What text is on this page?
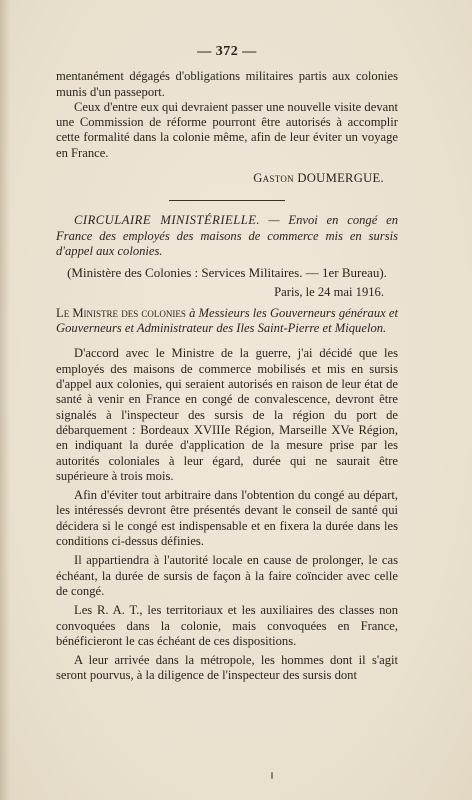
— 372 —

mentanément dégagés d'obligations militaires partis aux colonies munis d'un passeport.

Ceux d'entre eux qui devraient passer une nouvelle visite devant une Commission de réforme pourront être autorisés à accomplir cette formalité dans la colonie même, afin de leur éviter un voyage en France.

Gaston DOUMERGUE.

CIRCULAIRE MINISTÉRIELLE. — Envoi en congé en France des employés des maisons de commerce mis en sursis d'appel aux colonies.

(Ministère des Colonies : Services Militaires. — 1er Bureau).

Paris, le 24 mai 1916.

Le Ministre des colonies à Messieurs les Gouverneurs généraux et Gouverneurs et Administrateur des Iles Saint-Pierre et Miquelon.

D'accord avec le Ministre de la guerre, j'ai décidé que les employés des maisons de commerce mobilisés et mis en sursis d'appel aux colonies, qui seraient autorisés en raison de leur état de santé à venir en France en congé de convalescence, devront être signalés à l'inspecteur des sursis de la région du port de débarquement : Bordeaux XVIIIe Région, Marseille XVe Région, en indiquant la durée d'application de la mesure prise par les autorités coloniales à leur égard, durée qui ne saurait être supérieure à trois mois.

Afin d'éviter tout arbitraire dans l'obtention du congé au départ, les intéressés devront être présentés devant le conseil de santé qui décidera si le congé est indispensable et en fixera la durée dans les conditions ci-dessus définies.

Il appartiendra à l'autorité locale en cause de prolonger, le cas échéant, la durée de sursis de façon à la faire coïncider avec celle de congé.

Les R. A. T., les territoriaux et les auxiliaires des classes non convoquées dans la colonie, mais convoquées en France, bénéficieront le cas échéant de ces dispositions.

A leur arrivée dans la métropole, les hommes dont il s'agit seront pourvus, à la diligence de l'inspecteur des sursis dont
